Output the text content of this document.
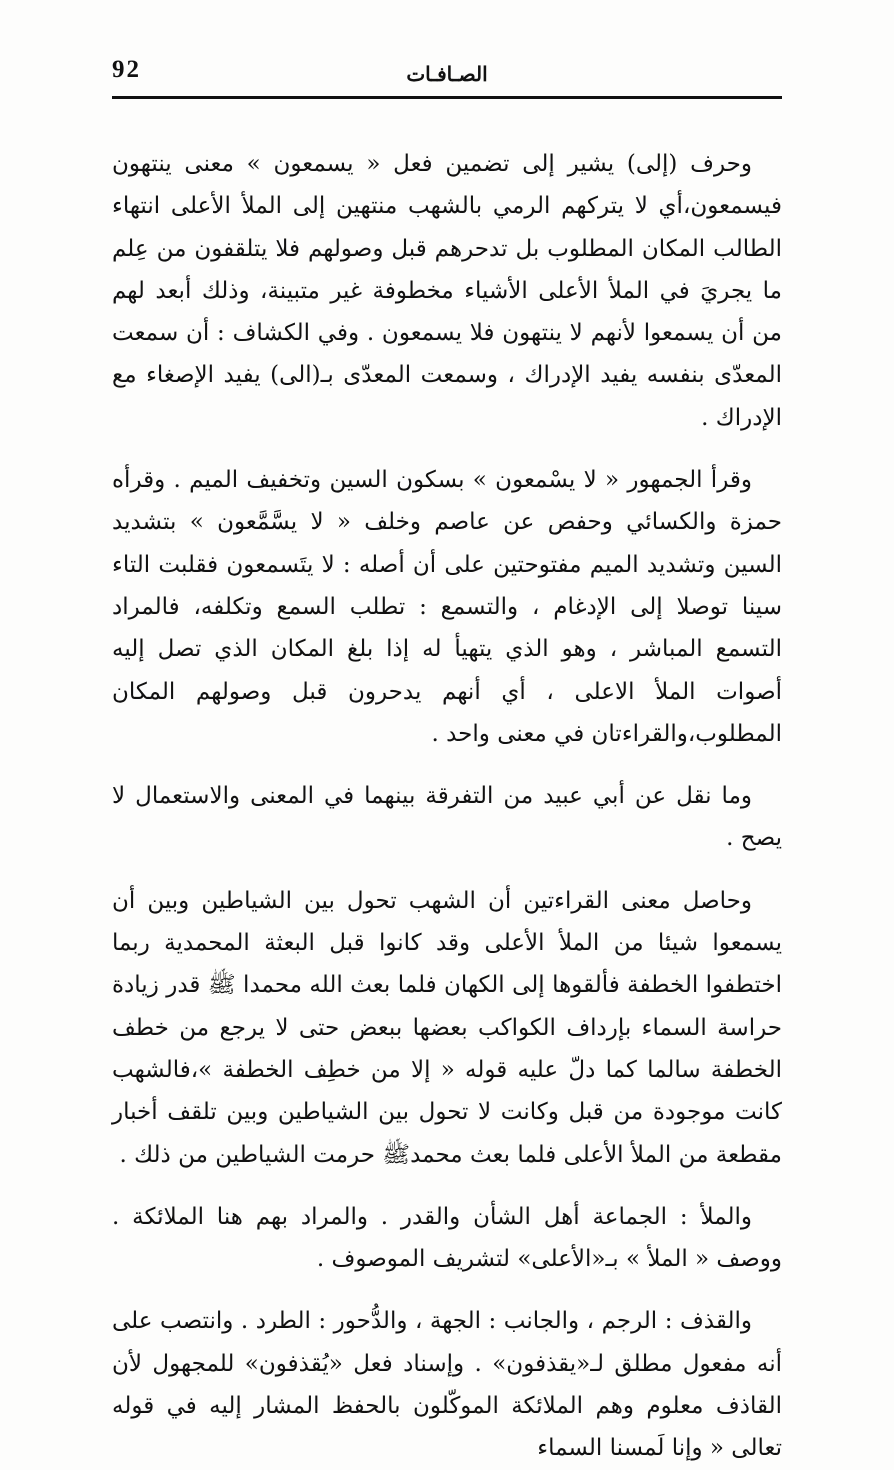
92	الصـافـات

وحرف (إلى) يشير إلى تضمين فعل « يسمعون » معنى ينتهون فيسمعون،أي لا يتركهم الرمي بالشهب منتهين إلى الملأ الأعلى انتهاء الطالب المكان المطلوب بل تدحرهم قبل وصولهم فلا يتلقفون من عِلم ما يجريَ في الملأ الأعلى الأشياء مخطوفة غير متبينة، وذلك أبعد لهم من أن يسمعوا لأنهم لا ينتهون فلا يسمعون . وفي الكشاف : أن سمعت المعدّى بنفسه يفيد الإدراك ، وسمعت المعدّى بـ(الى) يفيد الإصغاء مع الإدراك .

وقرأ الجمهور « لا يسْمعون » بسكون السين وتخفيف الميم . وقرأه حمزة والكسائي وحفص عن عاصم وخلف « لا يسَّمَّعون » بتشديد السين وتشديد الميم مفتوحتين على أن أصله : لا يتَسمعون فقلبت التاء سينا توصلا إلى الإدغام ، والتسمع : تطلب السمع وتكلفه، فالمراد التسمع المباشر ، وهو الذي يتهيأ له إذا بلغ المكان الذي تصل إليه أصوات الملأ الاعلى ، أي أنهم يدحرون قبل وصولهم المكان المطلوب،والقراءتان في معنى واحد .

وما نقل عن أبي عبيد من التفرقة بينهما في المعنى والاستعمال لا يصح .

وحاصل معنى القراءتين أن الشهب تحول بين الشياطين وبين أن يسمعوا شيئا من الملأ الأعلى وقد كانوا قبل البعثة المحمدية ربما اختطفوا الخطفة فألقوها إلى الكهان فلما بعث الله محمدا ﷺ قدر زيادة حراسة السماء بإرداف الكواكب بعضها ببعض حتى لا يرجع من خطف الخطفة سالما كما دلّ عليه قوله « إلا من خطِف الخطفة »،فالشهب كانت موجودة من قبل وكانت لا تحول بين الشياطين وبين تلقف أخبار مقطعة من الملأ الأعلى فلما بعث محمدﷺ حرمت الشياطين من ذلك .

والملأ : الجماعة أهل الشأن والقدر . والمراد بهم هنا الملائكة . ووصف « الملأ » بـ«الأعلى» لتشريف الموصوف .

والقذف : الرجم ، والجانب : الجهة ، والدُّحور : الطرد . وانتصب على أنه مفعول مطلق لـ«يقذفون» . وإسناد فعل «يُقذفون» للمجهول لأن القاذف معلوم وهم الملائكة الموكّلون بالحفظ المشار إليه في قوله تعالى « وإنا لَمسنا السماء
